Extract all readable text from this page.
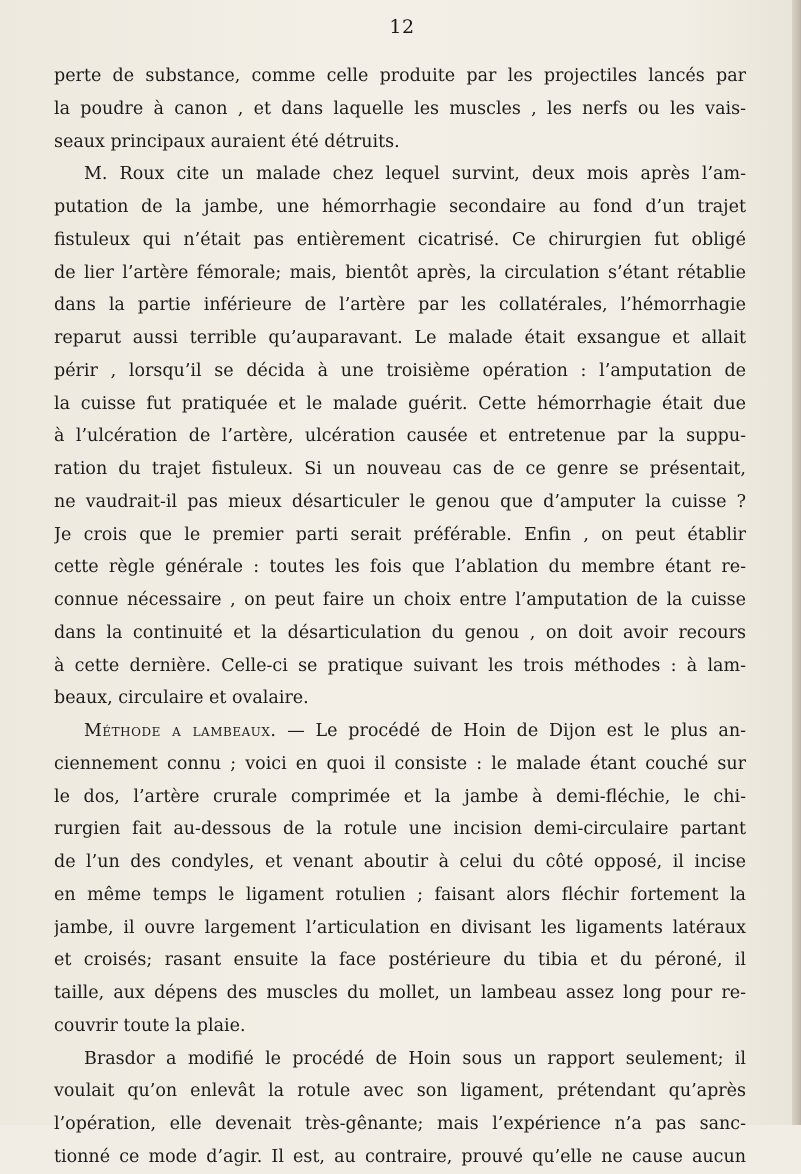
12
perte de substance, comme celle produite par les projectiles lancés par
la poudre à canon , et dans laquelle les muscles , les nerfs ou les vais-
seaux principaux auraient été détruits.
M. Roux cite un malade chez lequel survint, deux mois après l’am-
putation de la jambe, une hémorrhagie secondaire au fond d’un trajet
fistuleux qui n’était pas entièrement cicatrisé. Ce chirurgien fut obligé
de lier l’artère fémorale; mais, bientôt après, la circulation s’étant rétablie
dans la partie inférieure de l’artère par les collatérales, l’hémorrhagie
reparut aussi terrible qu’auparavant. Le malade était exsangue et allait
périr , lorsqu’il se décida à une troisième opération : l’amputation de
la cuisse fut pratiquée et le malade guérit. Cette hémorrhagie était due
à l’ulcération de l’artère, ulcération causée et entretenue par la suppu-
ration du trajet fistuleux. Si un nouveau cas de ce genre se présentait,
ne vaudrait-il pas mieux désarticuler le genou que d’amputer la cuisse ?
Je crois que le premier parti serait préférable. Enfin , on peut établir
cette règle générale : toutes les fois que l’ablation du membre étant re-
connue nécessaire , on peut faire un choix entre l’amputation de la cuisse
dans la continuité et la désarticulation du genou , on doit avoir recours
à cette dernière. Celle-ci se pratique suivant les trois méthodes : à lam-
beaux, circulaire et ovalaire.
Méthode a lambeaux. — Le procédé de Hoin de Dijon est le plus an-
ciennement connu ; voici en quoi il consiste : le malade étant couché sur
le dos, l’artère crurale comprimée et la jambe à demi-fléchie, le chi-
rurgien fait au-dessous de la rotule une incision demi-circulaire partant
de l’un des condyles, et venant aboutir à celui du côté opposé, il incise
en même temps le ligament rotulien ; faisant alors fléchir fortement la
jambe, il ouvre largement l’articulation en divisant les ligaments latéraux
et croisés; rasant ensuite la face postérieure du tibia et du péroné, il
taille, aux dépens des muscles du mollet, un lambeau assez long pour re-
couvrir toute la plaie.
Brasdor a modifié le procédé de Hoin sous un rapport seulement; il
voulait qu’on enlevât la rotule avec son ligament, prétendant qu’après
l’opération, elle devenait très-gênante; mais l’expérience n’a pas sanc-
tionné ce mode d’agir. Il est, au contraire, prouvé qu’elle ne cause aucun
